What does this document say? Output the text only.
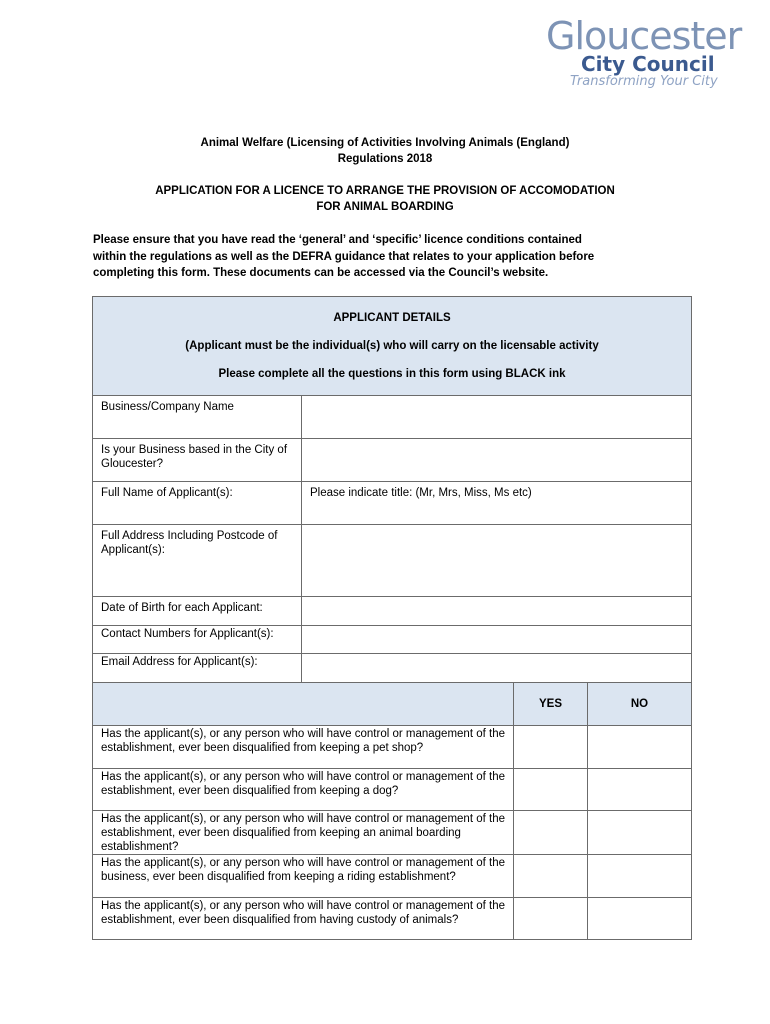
Gloucester
City Council
Transforming Your City
Animal Welfare (Licensing of Activities Involving Animals (England)
Regulations 2018
APPLICATION FOR A LICENCE TO ARRANGE THE PROVISION OF ACCOMODATION
FOR ANIMAL BOARDING
Please ensure that you have read the ‘general’ and ‘specific’ licence conditions contained
within the regulations as well as the DEFRA guidance that relates to your application before
completing this form. These documents can be accessed via the Council’s website.

APPLICANT DETAILS

(Applicant must be the individual(s) who will carry on the licensable activity

Please complete all the questions in this form using BLACK ink			

Business/Company Name			
Is your Business based in the City of Gloucester?			
Full Name of Applicant(s):	Please indicate title: (Mr, Mrs, Miss, Ms etc)		
Full Address Including Postcode of Applicant(s):			
Date of Birth for each Applicant:			
Contact Numbers for Applicant(s):			
Email Address for Applicant(s):			
		YES	NO
Has the applicant(s), or any person who will have control or management of the establishment, ever been disqualified from keeping a pet shop?			
Has the applicant(s), or any person who will have control or management of the establishment, ever been disqualified from keeping a dog?			
Has the applicant(s), or any person who will have control or management of the establishment, ever been disqualified from keeping an animal boarding establishment?			
Has the applicant(s), or any person who will have control or management of the business, ever been disqualified from keeping a riding establishment?			
Has the applicant(s), or any person who will have control or management of the establishment, ever been disqualified from having custody of animals?			
